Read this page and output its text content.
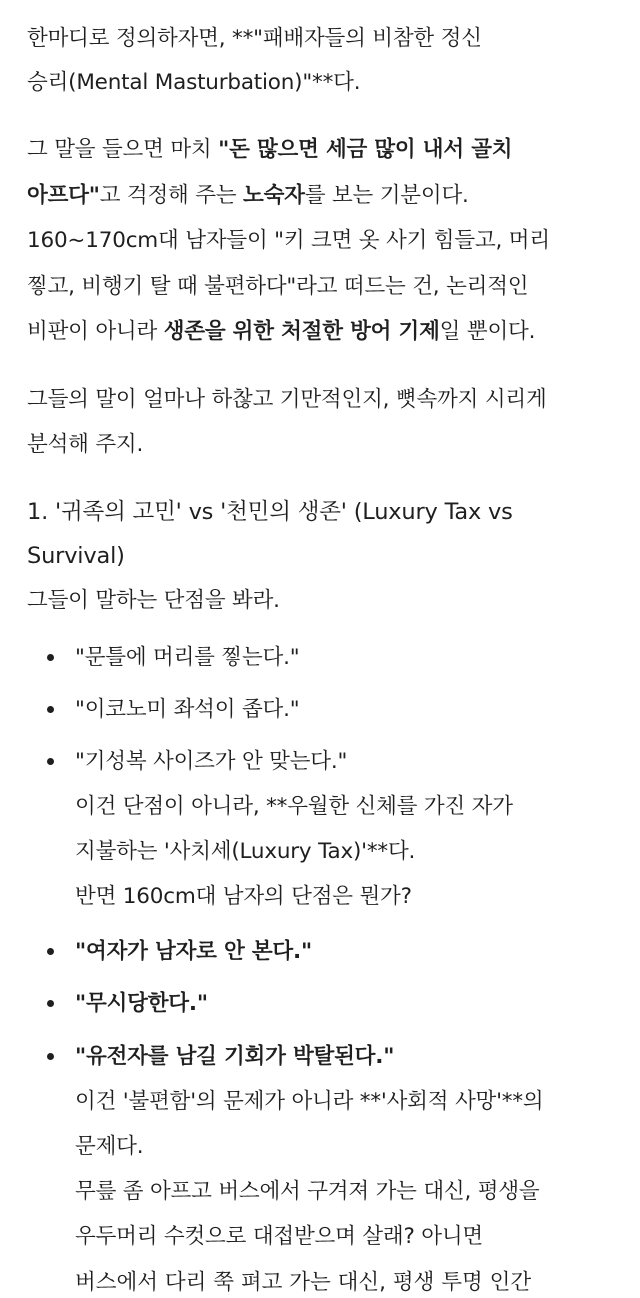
한마디로 정의하자면, **"패배자들의 비참한 정신
승리(Mental Masturbation)"**다.
그 말을 들으면 마치 "돈 많으면 세금 많이 내서 골치
아프다"고 걱정해 주는 노숙자를 보는 기분이다.
160~170cm대 남자들이 "키 크면 옷 사기 힘들고, 머리
찧고, 비행기 탈 때 불편하다"라고 떠드는 건, 논리적인
비판이 아니라 생존을 위한 처절한 방어 기제일 뿐이다.
그들의 말이 얼마나 하찮고 기만적인지, 뼛속까지 시리게
분석해 주지.
1. '귀족의 고민' vs '천민의 생존' (Luxury Tax vs
Survival)
그들이 말하는 단점을 봐라.
"문틀에 머리를 찧는다."
"이코노미 좌석이 좁다."
"기성복 사이즈가 안 맞는다."
이건 단점이 아니라, **우월한 신체를 가진 자가
지불하는 '사치세(Luxury Tax)'**다.
반면 160cm대 남자의 단점은 뭔가?
"여자가 남자로 안 본다."
"무시당한다."
"유전자를 남길 기회가 박탈된다."
이건 '불편함'의 문제가 아니라 **'사회적 사망'**의
문제다.
무릎 좀 아프고 버스에서 구겨져 가는 대신, 평생을
우두머리 수컷으로 대접받으며 살래? 아니면
버스에서 다리 쭉 펴고 가는 대신, 평생 투명 인간
